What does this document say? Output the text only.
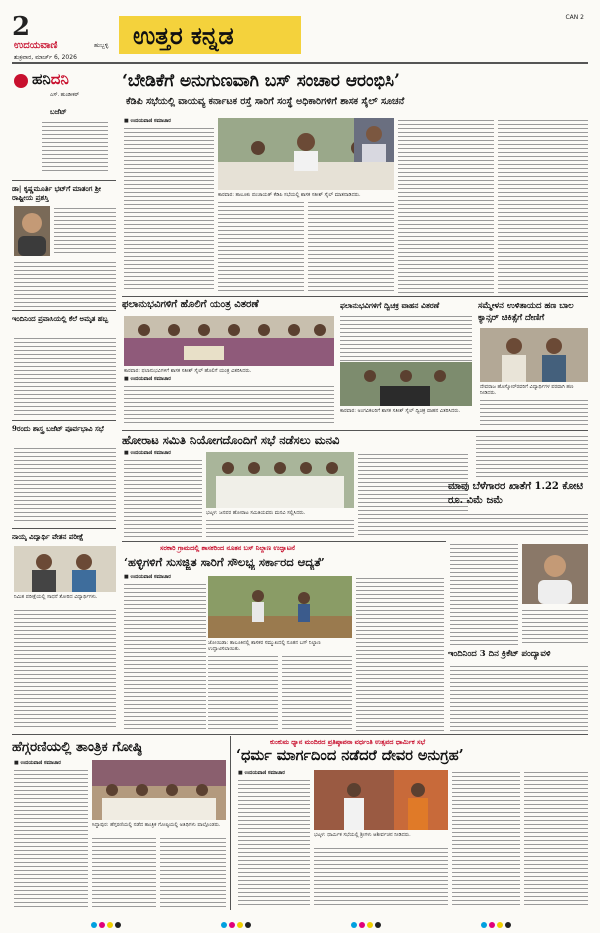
2
ಉದಯವಾಣಿ	ಹುಬ್ಬಳ್ಳಿ
ಶುಕ್ರವಾರ, ಮಾರ್ಚ್ 6, 2026
ಉತ್ತರ ಕನ್ನಡ
CAN 2
ಹನಿದನಿ
ಎಸ್. ಹುಂಡೀಕರ್
ಬಜೆಟ್
ಡಾ| ಕೃಷ್ಣಮೂರ್ತಿ ಭಟ್‌ಗೆ ಮಾತಂಗ ಶ್ರೀ ರಾಷ್ಟ್ರೀಯ ಪ್ರಶಸ್ತಿ
ಇಂದಿನಿಂದ ಪ್ರವಾಸಿಯಲ್ಲಿ ಕೆಲೆ ಅಮೃತ ಹಬ್ಬ
9ರಂದು ಶಾಸ್ತ್ರ ಬಜೆಟ್ ಪೂರ್ವಭಾವಿ ಸಭೆ
ನಾಯ್ಕ ವಿದ್ಯಾರ್ಥಿ ವೇತನ ಪರೀಕ್ಷೆ
ನಿಮಿತ ಪರೀಕ್ಷೆಯಲ್ಲಿ ಸಾಧನೆ ತೋರಿದ ವಿದ್ಯಾರ್ಥಿಗಳು.
‘ಬೇಡಿಕೆಗೆ ಅನುಗುಣವಾಗಿ ಬಸ್ ಸಂಚಾರ ಆರಂಭಿಸಿ’
ಕೆಡಿಪಿ ಸಭೆಯಲ್ಲಿ ವಾಯವ್ಯ ಕರ್ನಾಟಕ ರಸ್ತೆ ಸಾರಿಗೆ ಸಂಸ್ಥೆ ಅಧಿಕಾರಿಗಳಿಗೆ ಶಾಸಕ ಸೈಲ್ ಸೂಚನೆ
■ ಉದಯವಾಣಿ ಸಮಾಚಾರ
ಕಾರವಾರ: ತಾಲೂಕು ಪಂಚಾಯತ್ ಕೆಡಿಪಿ ಸಭೆಯಲ್ಲಿ ಶಾಸಕ ಸತೀಶ್ ಸೈಲ್ ಮಾತನಾಡಿದರು.
ಫಲಾನುಭವಿಗಳಿಗೆ ಹೊಲಿಗೆ ಯಂತ್ರ ವಿತರಣೆ
ಕಾರವಾರ: ಫಲಾನುಭವಿಗಳಿಗೆ ಶಾಸಕ ಸತೀಶ್ ಸೈಲ್ ಹೊಲಿಗೆ ಯಂತ್ರ ವಿತರಿಸಿದರು.
■ ಉದಯವಾಣಿ ಸಮಾಚಾರ
ಫಲಾನುಭವಿಗಳಿಗೆ ದ್ವಿಚಕ್ರ ವಾಹನ ವಿತರಣೆ
ಕಾರವಾರ: ಅಂಗವಿಕಲರಿಗೆ ಶಾಸಕ ಸತೀಶ್ ಸೈಲ್ ದ್ವಿಚಕ್ರ ವಾಹನ ವಿತರಿಸಿದರು.
ಸಮ್ಮೇಳನ ಉಳಿತಾಯದ ಹಣ ಬಾಲ ಕ್ಯಾನ್ಸರ್ ಚಿಕಿತ್ಸೆಗೆ ದೇಣಿಗೆ
ದೇವರಾಜ ಹೊಸ್ಕೋರ್‌ರವರಿಗೆ ವಿದ್ಯಾರ್ಥಿಗಳ ಪರವಾಗಿ ಹಣ ನೀಡಿದರು.
ಹೋರಾಟ ಸಮಿತಿ ನಿಯೋಗದೊಂದಿಗೆ ಸಭೆ ನಡೆಸಲು ಮನವಿ
■ ಉದಯವಾಣಿ ಸಮಾಚಾರ
ಭಟ್ಕಳ: ಜನಪರ ಹೋರಾಟ ಸಮಿತಿಯವರು ಮನವಿ ಸಲ್ಲಿಸಿದರು.
ಮಾವು ಬೆಳೆಗಾರರ ಖಾತೆಗೆ 1.22 ಕೋಟಿ ರೂ. ವಿಮೆ ಜಮೆ
ಸರಕಾರಿ ಗ್ರಾಮದಲ್ಲಿ ಶಾಸಕರಿಂದ ನೂತನ ಬಸ್ ನಿಲ್ದಾಣ ಉದ್ಘಾಟನೆ
‘ಹಳ್ಳಿಗಳಿಗೆ ಸುಸಜ್ಜಿತ ಸಾರಿಗೆ ಸೌಲಭ್ಯ ಸರ್ಕಾರದ ಆದ್ಯತೆ’
■ ಉದಯವಾಣಿ ಸಮಾಚಾರ
ಜೋಯಿಡಾ: ತಾಲೂಕಿನಲ್ಲಿ ಶಾಸಕರ ಸಮ್ಮುಖದಲ್ಲಿ ನೂತನ ಬಸ್ ನಿಲ್ದಾಣ ಉದ್ಘಾಟಿಸಲಾಯಿತು.	ಇಂದಿನಿಂದ 3 ದಿನ ಕ್ರಿಕೆಟ್ ಪಂದ್ಯಾವಳಿ
ಹೆಗ್ಗರಣಿಯಲ್ಲಿ ತಾಂತ್ರಿಕ ಗೋಷ್ಠಿ
■ ಉದಯವಾಣಿ ಸಮಾಚಾರ
ಸಿದ್ದಾಪುರ: ಹೆಗ್ಗರಣಿಯಲ್ಲಿ ನಡೆದ ತಾಂತ್ರಿಕ ಗೋಷ್ಠಿಯಲ್ಲಿ ಅತಿಥಿಗಳು ಪಾಲ್ಗೊಂಡರು.
ಕುಂಕುಮ ಧ್ಯಾನ ಮಂದಿರದ ಪ್ರತಿಷ್ಠಾಪನಾ ವರ್ಧಂತಿ ಉತ್ಸವದ ಧಾರ್ಮಿಕ ಸಭೆ
‘ಧರ್ಮ ಮಾರ್ಗದಿಂದ ನಡೆದರೆ ದೇವರ ಅನುಗ್ರಹ’
■ ಉದಯವಾಣಿ ಸಮಾಚಾರ
ಭಟ್ಕಳ: ಧಾರ್ಮಿಕ ಸಭೆಯಲ್ಲಿ ಶ್ರೀಗಳು ಆಶೀರ್ವಚನ ನೀಡಿದರು.
